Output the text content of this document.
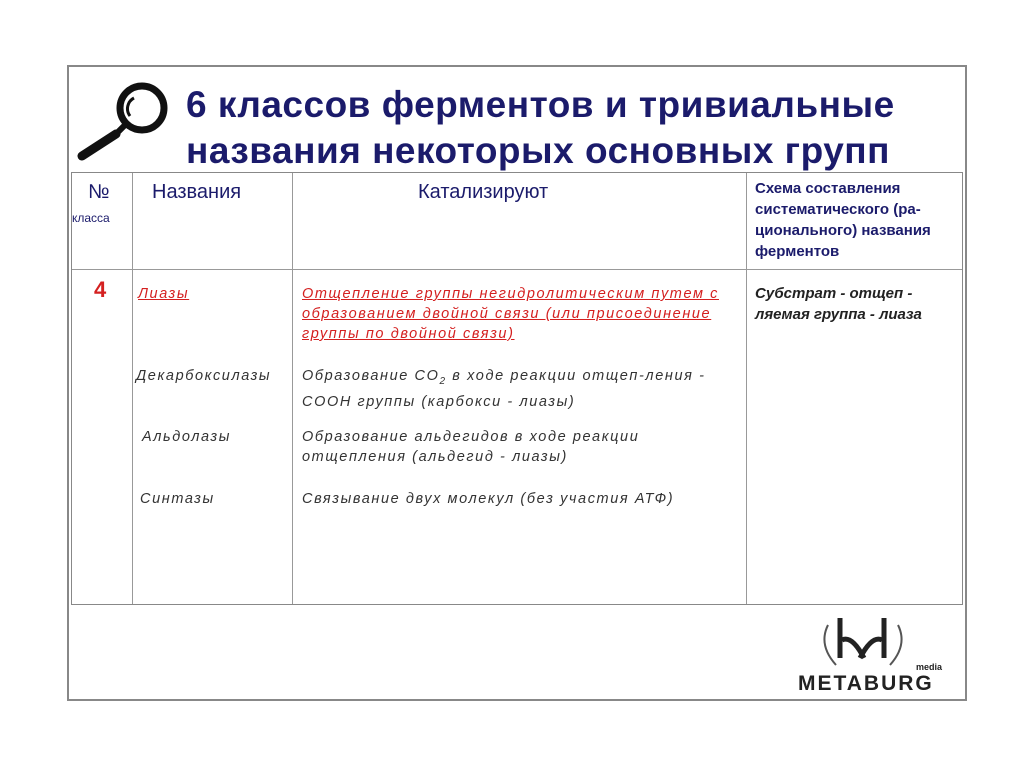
6 классов ферментов и тривиальные
названия некоторых основных групп
№
класса
Названия	Катализируют	Схема составления систематического (ра-ционального) названия ферментов
4 Лиазы
Декарбоксилазы
Альдолазы
Синтазы
Отщепление группы негидролитическим путем с образованием двойной связи (или присоединение группы по двойной связи)
Образование $CO_2$ в ходе реакции отщеп-ления -COOH группы (карбокси - лиазы)
Образование альдегидов в ходе реакции отщепления (альдегид - лиазы)
Связывание двух молекул (без участия АТФ)
Субстрат - отщеп - ляемая группа - лиаза
media
METABURG
